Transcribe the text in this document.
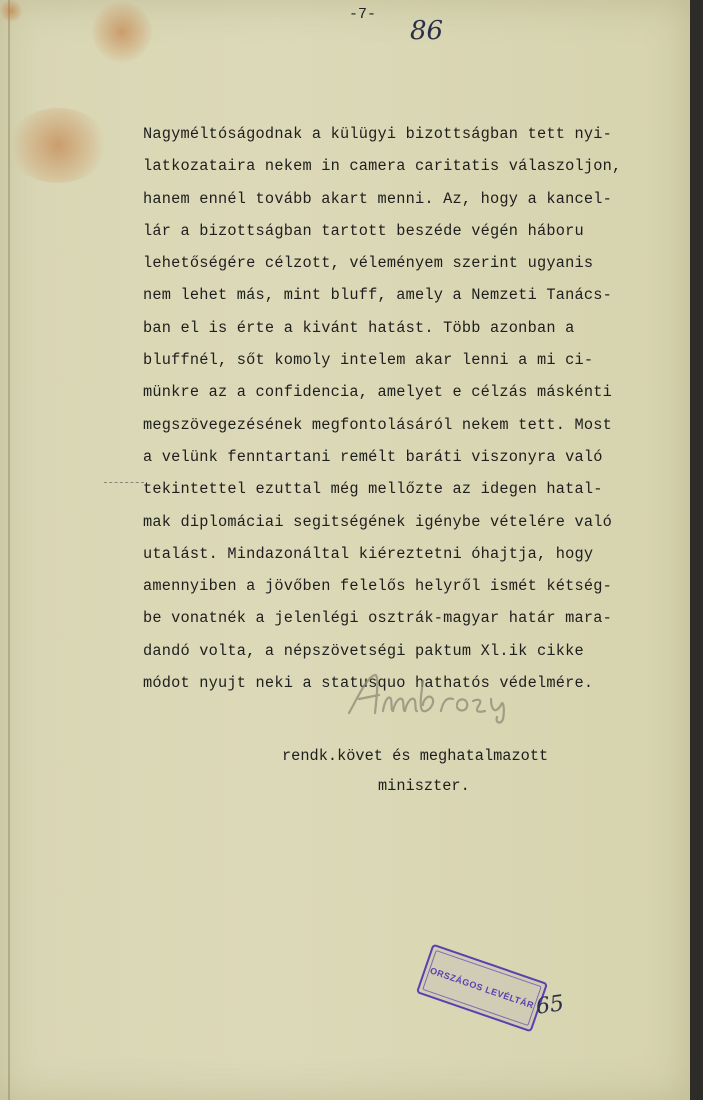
-7-
86
Nagyméltóságodnak a külügyi bizottságban tett nyi-
latkozataira nekem in camera caritatis válaszoljon,
hanem ennél tovább akart menni. Az, hogy a kancel-
lár a bizottságban tartott beszéde végén háboru
lehetőségére célzott, véleményem szerint ugyanis
nem lehet más, mint bluff, amely a Nemzeti Tanács-
ban el is érte a kivánt hatást. Több azonban a
bluffnél, sőt komoly intelem akar lenni a mi ci-
münkre az a confidencia, amelyet e célzás máskénti
megszövegezésének megfontolásáról nekem tett. Most
a velünk fenntartani remélt baráti viszonyra való
tekintettel ezuttal még mellőzte az idegen hatal-
mak diplomáciai segitségének igénybe vételére való
utalást. Mindazonáltal kiéreztetni óhajtja, hogy
amennyiben a jövőben felelős helyről ismét kétség-
be vonatnék a jelenlégi osztrák-magyar határ mara-
dandó volta, a népszövetségi paktum Xl.ik cikke
módot nyujt neki a statusquo hathatós védelmére.
rendk.követ és meghatalmazott
miniszter.
ORSZÁGOS LEVÉLTÁR 65
